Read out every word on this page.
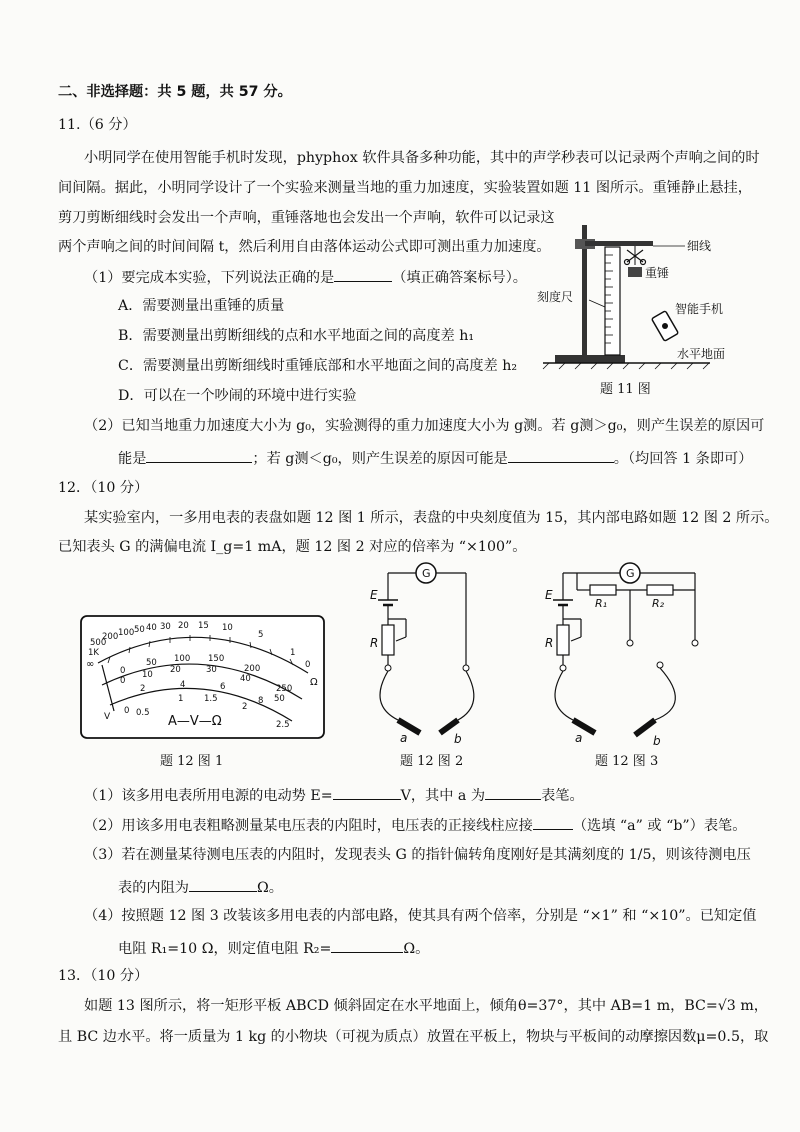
二、非选择题：共 5 题，共 57 分。
11.（6 分）
小明同学在使用智能手机时发现，phyphox 软件具备多种功能，其中的声学秒表可以记录两个声响之间的时
间间隔。据此，小明同学设计了一个实验来测量当地的重力加速度，实验装置如题 11 图所示。重锤静止悬挂，
剪刀剪断细线时会发出一个声响，重锤落地也会发出一个声响，软件可以记录这
两个声响之间的时间间隔 t，然后利用自由落体运动公式即可测出重力加速度。
（1）要完成本实验，下列说法正确的是	（填正确答案标号）。
A．需要测量出重锤的质量
B．需要测量出剪断细线的点和水平地面之间的高度差 h₁
C．需要测量出剪断细线时重锤底部和水平地面之间的高度差 h₂
D．可以在一个吵闹的环境中进行实验
（2）已知当地重力加速度大小为 g₀，实验测得的重力加速度大小为 g测。若 g测＞g₀，则产生误差的原因可
能是	；若 g测＜g₀，则产生误差的原因可能是	。（均回答 1 条即可）
细线
重锤
刻度尺
智能手机
水平地面
题 11 图
12．（10 分）
某实验室内，一多用电表的表盘如题 12 图 1 所示，表盘的中央刻度值为 15，其内部电路如题 12 图 2 所示。
已知表头 G 的满偏电流 I_g=1 mA，题 12 图 2 对应的倍率为 “×100”。
500
1K
200 100 50 40 30 20 15 10
5
1
0
Ω
∞
0
50 100 150
200
250
0
10 20	30
40
50
2	4	6
8
0 0.5
1 1.5
2
2.5
V	A—V—Ω
题 12 图 1
G
E
R
a	b
题 12 图 2
G
R₁	R₂
E
R
a	b
题 12 图 3
（1）该多用电表所用电源的电动势 E=	V，其中 a 为	表笔。
（2）用该多用电表粗略测量某电压表的内阻时，电压表的正接线柱应接	（选填 “a” 或 “b”）表笔。
（3）若在测量某待测电压表的内阻时，发现表头 G 的指针偏转角度刚好是其满刻度的 1/5，则该待测电压
表的内阻为	Ω。
（4）按照题 12 图 3 改装该多用电表的内部电路，使其具有两个倍率，分别是 “×1” 和 “×10”。已知定值
电阻 R₁=10 Ω，则定值电阻 R₂=	Ω。
13．（10 分）
如题 13 图所示，将一矩形平板 ABCD 倾斜固定在水平地面上，倾角θ=37°，其中 AB=1 m，BC=√3 m，
且 BC 边水平。将一质量为 1 kg 的小物块（可视为质点）放置在平板上，物块与平板间的动摩擦因数μ=0.5，取
